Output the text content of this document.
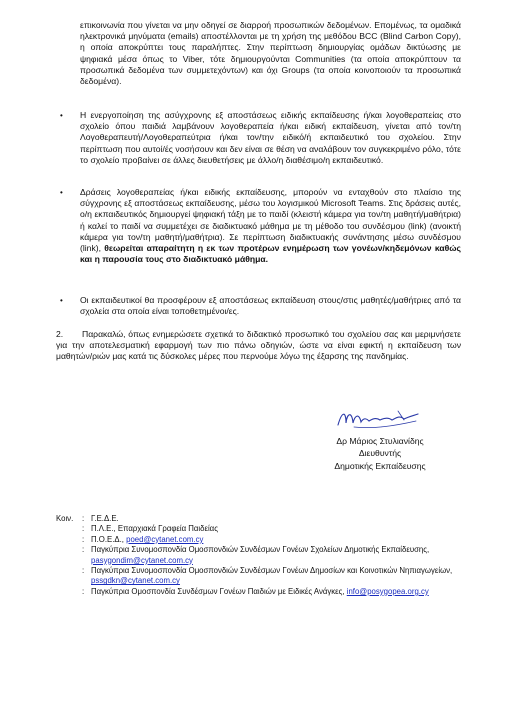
επικοινωνία που γίνεται να μην οδηγεί σε διαρροή προσωπικών δεδομένων. Επομένως, τα ομαδικά ηλεκτρονικά μηνύματα (emails) αποστέλλονται με τη χρήση της μεθόδου BCC (Blind Carbon Copy), η οποία αποκρύπτει τους παραλήπτες. Στην περίπτωση δημιουργίας ομάδων δικτύωσης με ψηφιακά μέσα όπως το Viber, τότε δημιουργούνται Communities (τα οποία αποκρύπτουν τα προσωπικά δεδομένα των συμμετεχόντων) και όχι Groups (τα οποία κοινοποιούν τα προσωπικά δεδομένα).

•	Η ενεργοποίηση της ασύγχρονης εξ αποστάσεως ειδικής εκπαίδευσης ή/και λογοθεραπείας στο σχολείο όπου παιδιά λαμβάνουν λογοθεραπεία ή/και ειδική εκπαίδευση, γίνεται από τον/τη Λογοθεραπευτή/Λογοθεραπεύτρια ή/και τον/την ειδικό/ή εκπαιδευτικό του σχολείου. Στην περίπτωση που αυτοί/ές νοσήσουν και δεν είναι σε θέση να αναλάβουν τον συγκεκριμένο ρόλο, τότε το σχολείο προβαίνει σε άλλες διευθετήσεις με άλλο/η διαθέσιμο/η εκπαιδευτικό.
•	Δράσεις λογοθεραπείας ή/και ειδικής εκπαίδευσης, μπορούν να ενταχθούν στο πλαίσιο της σύγχρονης εξ αποστάσεως εκπαίδευσης, μέσω του λογισμικού Microsoft Teams. Στις δράσεις αυτές, ο/η εκπαιδευτικός δημιουργεί ψηφιακή τάξη με το παιδί (κλειστή κάμερα για τον/τη μαθητή/μαθήτρια) ή καλεί το παιδί να συμμετέχει σε διαδικτυακό μάθημα με τη μέθοδο του συνδέσμου (link) (ανοικτή κάμερα για τον/τη μαθητή/μαθήτρια). Σε περίπτωση διαδικτυακής συνάντησης μέσω συνδέσμου (link), θεωρείται απαραίτητη η εκ των προτέρων ενημέρωση των γονέων/κηδεμόνων καθώς και η παρουσία τους στο διαδικτυακό μάθημα.
•	Οι εκπαιδευτικοί θα προσφέρουν εξ αποστάσεως εκπαίδευση στους/στις μαθητές/μαθήτριες από τα σχολεία στα οποία είναι τοποθετημένοι/ες.
2. Παρακαλώ, όπως ενημερώσετε σχετικά το διδακτικό προσωπικό του σχολείου σας και μεριμνήσετε για την αποτελεσματική εφαρμογή των πιο πάνω οδηγιών, ώστε να είναι εφικτή η εκπαίδευση των μαθητών/ριών μας κατά τις δύσκολες μέρες που περνούμε λόγω της έξαρσης της πανδημίας.
Δρ Μάριος Στυλιανίδης
Διευθυντής
Δημοτικής Εκπαίδευσης
Κοιν.	: Γ.Ε.Δ.Ε.
: Π.Λ.Ε., Επαρχιακά Γραφεία Παιδείας
: Π.Ο.Ε.Δ., poed@cytanet.com.cy
: Παγκύπρια Συνομοσπονδία Ομοσπονδιών Συνδέσμων Γονέων Σχολείων Δημοτικής Εκπαίδευσης, pasygondim@cytanet.com.cy
: Παγκύπρια Συνομοσπονδία Ομοσπονδιών Συνδέσμων Γονέων Δημοσίων και Κοινοτικών Νηπιαγωγείων, pssgdkn@cytanet.com.cy
: Παγκύπρια Ομοσπονδία Συνδέσμων Γονέων Παιδιών με Ειδικές Ανάγκες, info@posygopea.org.cy
